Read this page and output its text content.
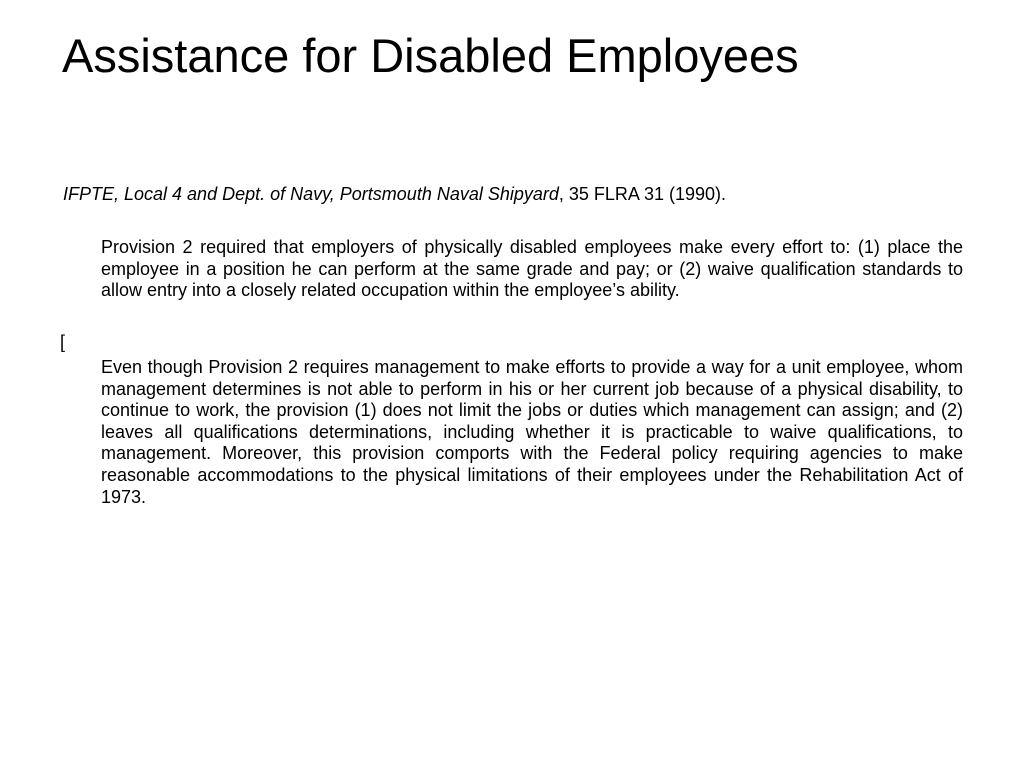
Assistance for Disabled Employees

IFPTE, Local 4 and Dept. of Navy, Portsmouth Naval Shipyard, 35 FLRA 31 (1990).

Provision 2 required that employers of physically disabled employees make every effort to: (1) place the employee in a position he can perform at the same grade and pay; or (2) waive qualification standards to allow entry into a closely related occupation within the employee’s ability.

[

Even though Provision 2 requires management to make efforts to provide a way for a unit employee, whom management determines is not able to perform in his or her current job because of a physical disability, to continue to work, the provision (1) does not limit the jobs or duties which management can assign; and (2) leaves all qualifications determinations, including whether it is practicable to waive qualifications, to management. Moreover, this provision comports with the Federal policy requiring agencies to make reasonable accommodations to the physical limitations of their employees under the Rehabilitation Act of 1973.
